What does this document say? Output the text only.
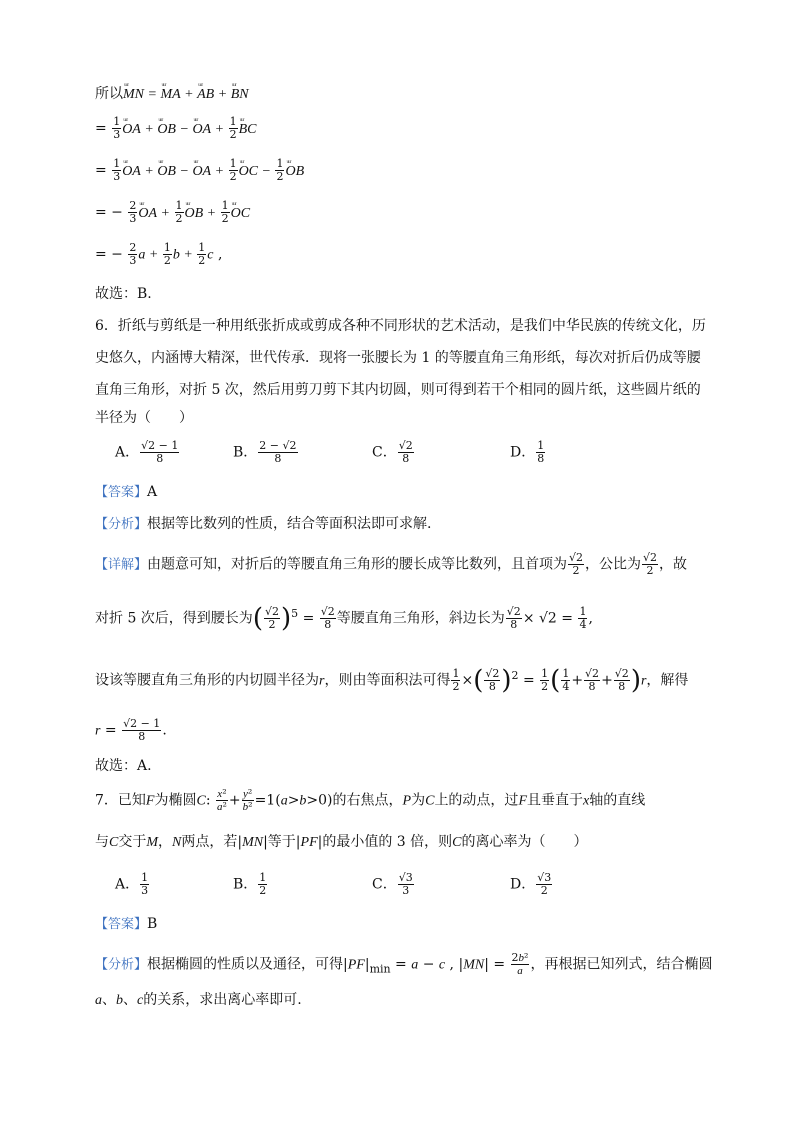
所以ᵘᵘʳ MN = ᵘᵘʳ MA + ᵘᵘʳ AB + ᵘᵘʳ BN
= $\frac{1}{3}$ ᵘᵘʳ OA + ᵘᵘʳ OB − ᵘᵘʳ OA + $\frac{1}{2}$ ᵘᵘʳ BC
= $\frac{1}{3}$ ᵘᵘʳ OA + ᵘᵘʳ OB − ᵘᵘʳ OA + $\frac{1}{2}$ ᵘᵘʳ OC − $\frac{1}{2}$ ᵘᵘʳ OB
= − $\frac{2}{3}$ ᵘᵘʳ OA + $\frac{1}{2}$ ᵘᵘʳ OB + $\frac{1}{2}$ ᵘᵘʳ OC
= − $\frac{2}{3}$ $a + \frac{1}{2}$ $b + \frac{1}{2}$ c ,
故选：B.
6．折纸与剪纸是一种用纸张折成或剪成各种不同形状的艺术活动，是我们中华民族的传统文化，历
史悠久，内涵博大精深，世代传承．现将一张腰长为 1 的等腰直角三角形纸，每次对折后仍成等腰
直角三角形，对折 5 次，然后用剪刀剪下其内切圆，则可得到若干个相同的圆片纸，这些圆片纸的
半径为（　　）
A． $\frac{√2 - 1}{8}$	B． $\frac{2 - √2}{8}$	C． $\frac{√2}{8}$	D． $\frac{1}{8}$
【答案】A
【分析】根据等比数列的性质，结合等面积法即可求解.
【详解】由题意可知，对折后的等腰直角三角形的腰长成等比数列，且首项为 $\frac{√2}{2}$ ，公比为 $\frac{√2}{2}$ ，故
对折 5 次后，得到腰长为( $\frac{√2}{2} )^5 = \frac{√2}{8}$ 等腰直角三角形，斜边长为 $\frac{√2}{8} \times √2 = \frac{1}{4}$ ,
设该等腰直角三角形的内切圆半径为r，则由等面积法可得 $\frac{1}{2}$ ×( $\frac{√2}{8} )^2 = \frac{1}{2}$ ( $\frac{1}{4} + \frac{√2}{8} + \frac{√2}{8} )r$，解得
$r = \frac{√2 - 1}{8}$ .
故选：A.
7．已知F为椭圆C: $\frac{\text{x²}}{\text{a²}} + \frac{\text{y²}}{\text{b²}} =1(a>b>0)$的右焦点，P为C上的动点，过F且垂直于x轴的直线
与C交于M，N两点，若|MN|等于|PF|的最小值的 3 倍，则C的离心率为（　　）
A． $\frac{1}{3}$	B． $\frac{1}{2}$	C． $\frac{√3}{3}$	D． $\frac{√3}{2}$
【答案】B
【分析】根据椭圆的性质以及通径，可得$|PF|_{min} = a - c$ , $|MN| = \frac{\text{2b²}}{a}$ ，再根据已知列式，结合椭圆
a、b、c的关系，求出离心率即可.
